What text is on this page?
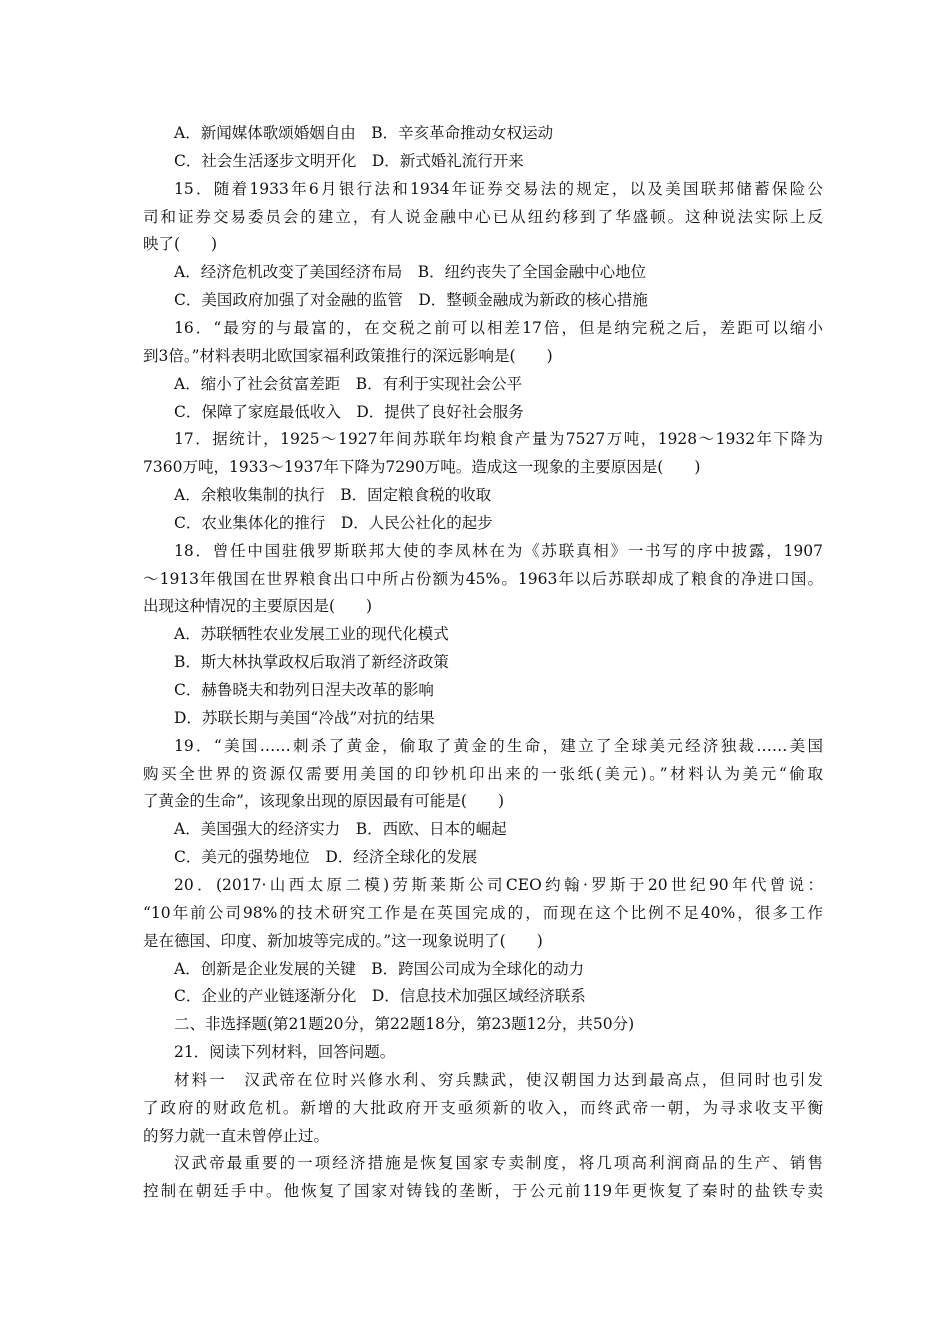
A．新闻媒体歌颂婚姻自由　B．辛亥革命推动女权运动
C．社会生活逐步文明开化　D．新式婚礼流行开来
15．随着1933年6月银行法和1934年证券交易法的规定，以及美国联邦储蓄保险公
司和证券交易委员会的建立，有人说金融中心已从纽约移到了华盛顿。这种说法实际上反
映了(　　)
A．经济危机改变了美国经济布局　B．纽约丧失了全国金融中心地位
C．美国政府加强了对金融的监管　D．整顿金融成为新政的核心措施
16．“最穷的与最富的，在交税之前可以相差17倍，但是纳完税之后，差距可以缩小
到3倍。”材料表明北欧国家福利政策推行的深远影响是(　　)
A．缩小了社会贫富差距　B．有利于实现社会公平
C．保障了家庭最低收入　D．提供了良好社会服务
17．据统计，1925～1927年间苏联年均粮食产量为7527万吨，1928～1932年下降为
7360万吨，1933～1937年下降为7290万吨。造成这一现象的主要原因是(　　)
A．余粮收集制的执行　B．固定粮食税的收取
C．农业集体化的推行　D．人民公社化的起步
18．曾任中国驻俄罗斯联邦大使的李凤林在为《苏联真相》一书写的序中披露，1907
～1913年俄国在世界粮食出口中所占份额为45%。1963年以后苏联却成了粮食的净进口国。
出现这种情况的主要原因是(　　)
A．苏联牺牲农业发展工业的现代化模式
B．斯大林执掌政权后取消了新经济政策
C．赫鲁晓夫和勃列日涅夫改革的影响
D．苏联长期与美国“冷战”对抗的结果
19．“美国……刺杀了黄金，偷取了黄金的生命，建立了全球美元经济独裁……美国
购买全世界的资源仅需要用美国的印钞机印出来的一张纸(美元)。”材料认为美元“偷取
了黄金的生命”，该现象出现的原因最有可能是(　　)
A．美国强大的经济实力　B．西欧、日本的崛起
C．美元的强势地位　D．经济全球化的发展
20．(2017·山西太原二模)劳斯莱斯公司CEO约翰·罗斯于20世纪90年代曾说：
“10年前公司98%的技术研究工作是在英国完成的，而现在这个比例不足40%，很多工作
是在德国、印度、新加坡等完成的。”这一现象说明了(　　)
A．创新是企业发展的关键　B．跨国公司成为全球化的动力
C．企业的产业链逐渐分化　D．信息技术加强区域经济联系
二、非选择题(第21题20分，第22题18分，第23题12分，共50分)
21．阅读下列材料，回答问题。
材料一　汉武帝在位时兴修水利、穷兵黩武，使汉朝国力达到最高点，但同时也引发
了政府的财政危机。新增的大批政府开支亟须新的收入，而终武帝一朝，为寻求收支平衡
的努力就一直未曾停止过。
汉武帝最重要的一项经济措施是恢复国家专卖制度，将几项高利润商品的生产、销售
控制在朝廷手中。他恢复了国家对铸钱的垄断，于公元前119年更恢复了秦时的盐铁专卖
